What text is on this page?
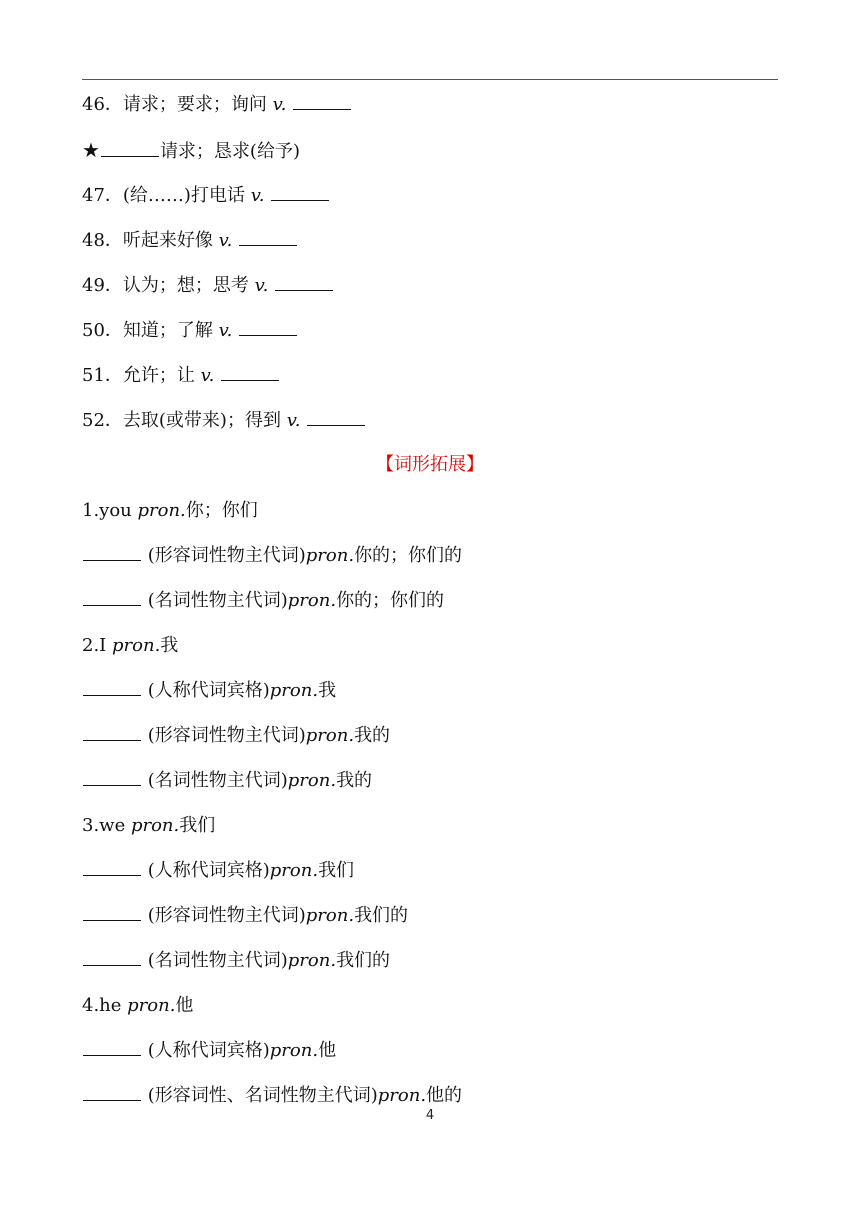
46．请求；要求；询问 v.
★	请求；恳求(给予)
47．(给……)打电话 v.
48．听起来好像 v.
49．认为；想；思考 v.
50．知道；了解 v.
51．允许；让 v.
52．去取(或带来)；得到 v.
【词形拓展】
1.you pron.你；你们
(形容词性物主代词)pron.你的；你们的
(名词性物主代词)pron.你的；你们的
2.I pron.我
(人称代词宾格)pron.我
(形容词性物主代词)pron.我的
(名词性物主代词)pron.我的
3.we pron.我们
(人称代词宾格)pron.我们
(形容词性物主代词)pron.我们的
(名词性物主代词)pron.我们的
4.he pron.他
(人称代词宾格)pron.他
(形容词性、名词性物主代词)pron.他的
4
